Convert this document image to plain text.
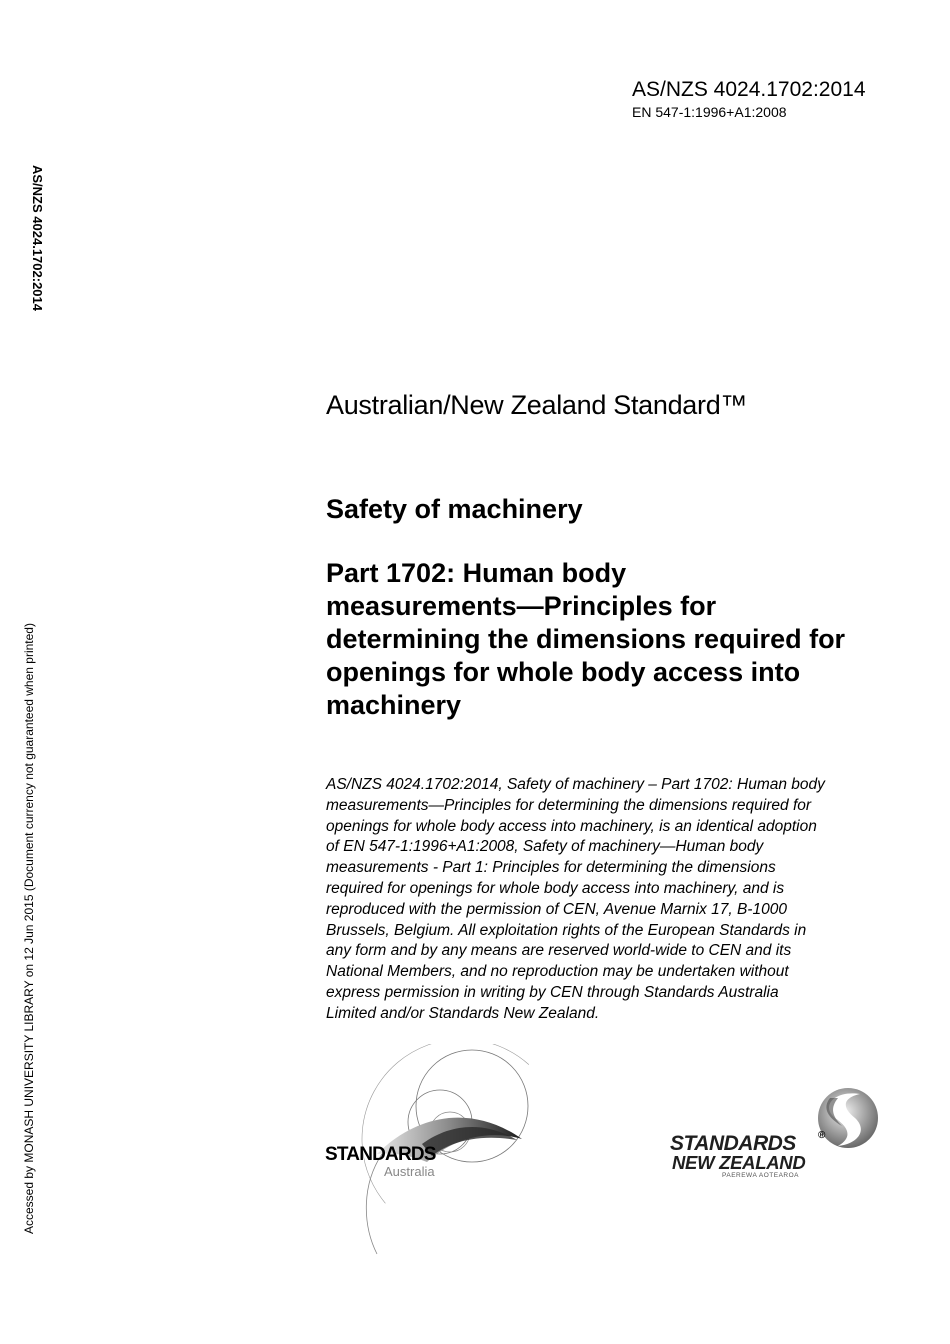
AS/NZS 4024.1702:2014
EN 547-1:1996+A1:2008
AS/NZS 4024.1702:2014
Accessed by MONASH UNIVERSITY LIBRARY on 12 Jun 2015 (Document currency not guaranteed when printed)
Australian/New Zealand Standard™
Safety of machinery
Part 1702: Human body
measurements—Principles for
determining the dimensions required for
openings for whole body access into
machinery
AS/NZS 4024.1702:2014, Safety of machinery – Part 1702: Human body
measurements—Principles for determining the dimensions required for
openings for whole body access into machinery, is an identical adoption
of EN 547-1:1996+A1:2008, Safety of machinery—Human body
measurements - Part 1: Principles for determining the dimensions
required for openings for whole body access into machinery, and is
reproduced with the permission of CEN, Avenue Marnix 17, B-1000
Brussels, Belgium. All exploitation rights of the European Standards in
any form and by any means are reserved world-wide to CEN and its
National Members, and no reproduction may be undertaken without
express permission in writing by CEN through Standards Australia
Limited and/or Standards New Zealand.
STANDARDS
Australia
STANDARDS ®
NEW ZEALAND
PAEREWA AOTEAROA
